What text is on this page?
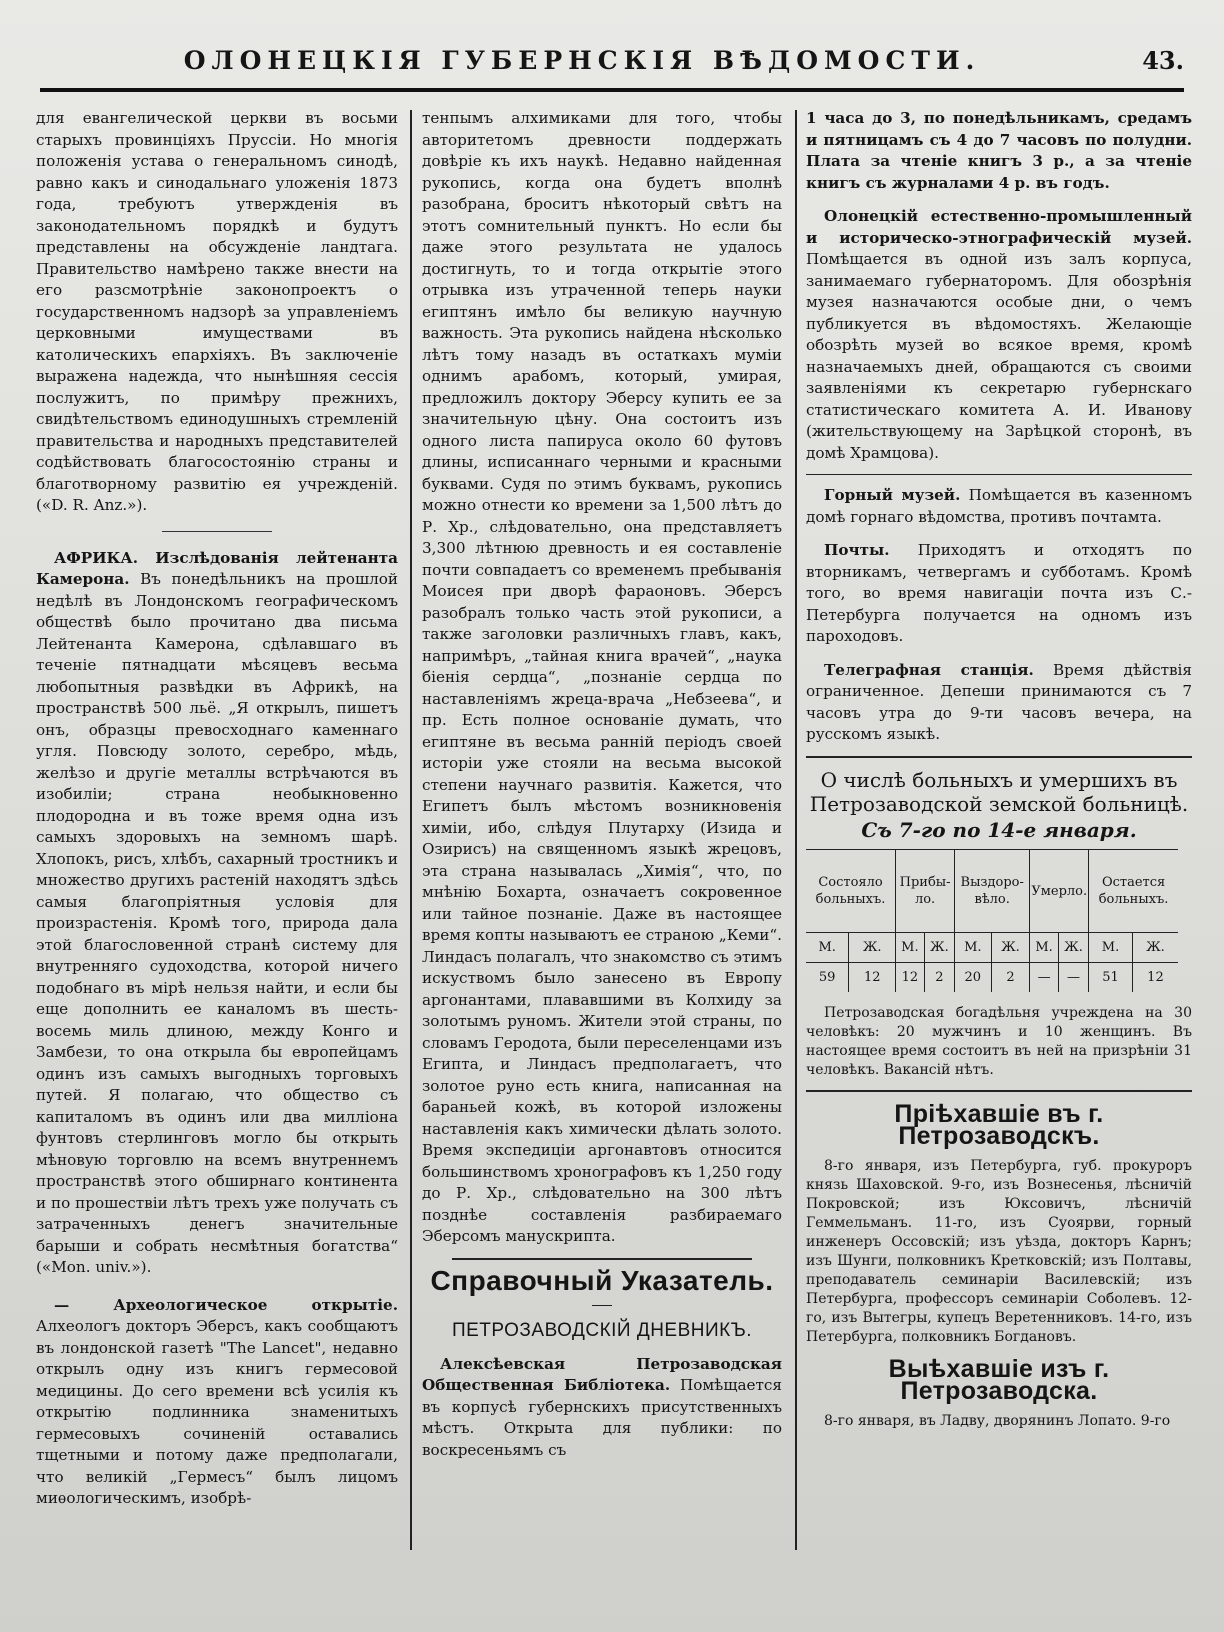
ОЛОНЕЦКІЯ ГУБЕРНСКІЯ ВѢДОМОСТИ.	43.

для евангелической церкви въ восьми старыхъ провинціяхъ Пруссіи. Но многія положенія устава о генеральномъ синодѣ, равно какъ и синодальнаго уложенія 1873 года, требуютъ утвержденія въ законодательномъ порядкѣ и будутъ представлены на обсужденіе ландтага. Правительство намѣрено также внести на его разсмотрѣніе законопроектъ о государственномъ надзорѣ за управленіемъ церковными имуществами въ католическихъ епархіяхъ. Въ заключеніе выражена надежда, что нынѣшняя сессія послужитъ, по примѣру прежнихъ, свидѣтельствомъ единодушныхъ стремленій правительства и народныхъ представителей содѣйствовать благосостоянію страны и благотворному развитію ея учрежденій. («D. R. Anz.»).

АФРИКА. Изслѣдованія лейтенанта Камерона. Въ понедѣльникъ на прошлой недѣлѣ въ Лондонскомъ географическомъ обществѣ было прочитано два письма Лейтенанта Камерона, сдѣлавшаго въ теченіе пятнадцати мѣсяцевъ весьма любопытныя развѣдки въ Африкѣ, на пространствѣ 500 льё. „Я открылъ, пишетъ онъ, образцы превосходнаго каменнаго угля. Повсюду золото, серебро, мѣдь, желѣзо и другіе металлы встрѣчаются въ изобиліи; страна необыкновенно плодородна и въ тоже время одна изъ самыхъ здоровыхъ на земномъ шарѣ. Хлопокъ, рисъ, хлѣбъ, сахарный тростникъ и множество другихъ растеній находятъ здѣсь самыя благопріятныя условія для произрастенія. Кромѣ того, природа дала этой благословенной странѣ систему для внутренняго судоходства, которой ничего подобнаго въ мірѣ нельзя найти, и если бы еще дополнить ее каналомъ въ шесть-восемь миль длиною, между Конго и Замбези, то она открыла бы европейцамъ одинъ изъ самыхъ выгодныхъ торговыхъ путей. Я полагаю, что общество съ капиталомъ въ одинъ или два милліона фунтовъ стерлинговъ могло бы открыть мѣновую торговлю на всемъ внутреннемъ пространствѣ этого обширнаго континента и по прошествіи лѣтъ трехъ уже получать съ затраченныхъ денегъ значительные барыши и собрать несмѣтныя богатства“ («Mon. univ.»).

— Археологическое открытіе. Алхеологъ докторъ Эберсъ, какъ сообщаютъ въ лондонской газетѣ "The Lancet", недавно открылъ одну изъ книгъ гермесовой медицины. До сего времени всѣ усилія къ открытію подлинника знаменитыхъ гермесовыхъ сочиненій оставались тщетными и потому даже предполагали, что великій „Гермесъ“ былъ лицомъ миѳологическимъ, изобрѣ-

тенпымъ алхимиками для того, чтобы авторитетомъ древности поддержать довѣріе къ ихъ наукѣ. Недавно найденная рукопись, когда она будетъ вполнѣ разобрана, броситъ нѣкоторый свѣтъ на этотъ сомнительный пунктъ. Но если бы даже этого результата не удалось достигнуть, то и тогда открытіе этого отрывка изъ утраченной теперь науки египтянъ имѣло бы великую научную важность. Эта рукопись найдена нѣсколько лѣтъ тому назадъ въ остаткахъ муміи однимъ арабомъ, который, умирая, предложилъ доктору Эберсу купить ее за значительную цѣну. Она состоитъ изъ одного листа папируса около 60 футовъ длины, исписаннаго черными и красными буквами. Судя по этимъ буквамъ, рукопись можно отнести ко времени за 1,500 лѣтъ до Р. Хр., слѣдовательно, она представляетъ 3,300 лѣтнюю древность и ея составленіе почти совпадаетъ со временемъ пребыванія Моисея при дворѣ фараоновъ. Эберсъ разобралъ только часть этой рукописи, а также заголовки различныхъ главъ, какъ, напримѣръ, „тайная книга врачей“, „наука біенія сердца“, „познаніе сердца по наставленіямъ жреца-врача „Небзеева“, и пр. Есть полное основаніе думать, что египтяне въ весьма ранній періодъ своей исторіи уже стояли на весьма высокой степени научнаго развитія. Кажется, что Египетъ былъ мѣстомъ возникновенія химіи, ибо, слѣдуя Плутарху (Изида и Озирисъ) на священномъ языкѣ жрецовъ, эта страна называлась „Химія“, что, по мнѣнію Бохарта, означаетъ сокровенное или тайное познаніе. Даже въ настоящее время копты называютъ ее страною „Кеми“. Линдасъ полагалъ, что знакомство съ этимъ искуствомъ было занесено въ Европу аргонантами, плававшими въ Колхиду за золотымъ руномъ. Жители этой страны, по словамъ Геродота, были переселенцами изъ Египта, и Линдасъ предполагаетъ, что золотое руно есть книга, написанная на бараньей кожѣ, въ которой изложены наставленія какъ химически дѣлать золото. Время экспедиціи аргонавтовъ относится большинствомъ хронографовъ къ 1,250 году до Р. Хр., слѣдовательно на 300 лѣтъ позднѣе составленія разбираемаго Эберсомъ манускрипта.

Справочный Указатель.
ПЕТРОЗАВОДСКІЙ ДНЕВНИКЪ.

Алексѣевская Петрозаводская Общественная Библіотека. Помѣщается въ корпусѣ губернскихъ присутственныхъ мѣстъ. Открыта для публики: по воскресеньямъ съ

1 часа до 3, по понедѣльникамъ, средамъ и пятницамъ съ 4 до 7 часовъ по полудни. Плата за чтеніе книгъ 3 р., а за чтеніе книгъ съ журналами 4 р. въ годъ.

Олонецкій естественно-промышленный и историческо-этнографическій музей. Помѣщается въ одной изъ залъ корпуса, занимаемаго губернаторомъ. Для обозрѣнія музея назначаются особые дни, о чемъ публикуется въ вѣдомостяхъ. Желающіе обозрѣть музей во всякое время, кромѣ назначаемыхъ дней, обращаются съ своими заявленіями къ секретарю губернскаго статистическаго комитета А. И. Иванову (жительствующему на Зарѣцкой сторонѣ, въ домѣ Храмцова).

Горный музей. Помѣщается въ казенномъ домѣ горнаго вѣдомства, противъ почтамта.

Почты. Приходятъ и отходятъ по вторникамъ, четвергамъ и субботамъ. Кромѣ того, во время навигаціи почта изъ С.-Петербурга получается на одномъ изъ пароходовъ.

Телеграфная станція. Время дѣйствія ограниченное. Депеши принимаются съ 7 часовъ утра до 9-ти часовъ вечера, на русскомъ языкѣ.

О числѣ больныхъ и умершихъ въ Петрозаводской земской больницѣ.
Съ 7-го по 14-е января.
Состояло больныхъ.		Прибы-ло.		Выздоро-вѣло.		Умерло.		Остается больныхъ.	
М.	Ж.	М.	Ж.	М.	Ж.	М.	Ж.	М.	Ж.
59	12	12	2	20	2	—	—	51	12

Петрозаводская богадѣльня учреждена на 30 человѣкъ: 20 мужчинъ и 10 женщинъ. Въ настоящее время состоитъ въ ней на призрѣніи 31 человѣкъ. Вакансій нѣтъ.

Пріѣхавшіе въ г. Петрозаводскъ.

8-го января, изъ Петербурга, губ. прокуроръ князь Шаховской. 9-го, изъ Вознесенья, лѣсничій Покровской; изъ Юксовичъ, лѣсничій Геммельманъ. 11-го, изъ Суоярви, горный инженеръ Оссовскій; изъ уѣзда, докторъ Карнъ; изъ Шунги, полковникъ Кретковскій; изъ Полтавы, преподаватель семинаріи Василевскій; изъ Петербурга, профессоръ семинаріи Соболевъ. 12-го, изъ Вытегры, купецъ Веретенниковъ. 14-го, изъ Петербурга, полковникъ Богдановъ.

Выѣхавшіе изъ г. Петрозаводска.

8-го января, въ Ладву, дворянинъ Лопато. 9-го
